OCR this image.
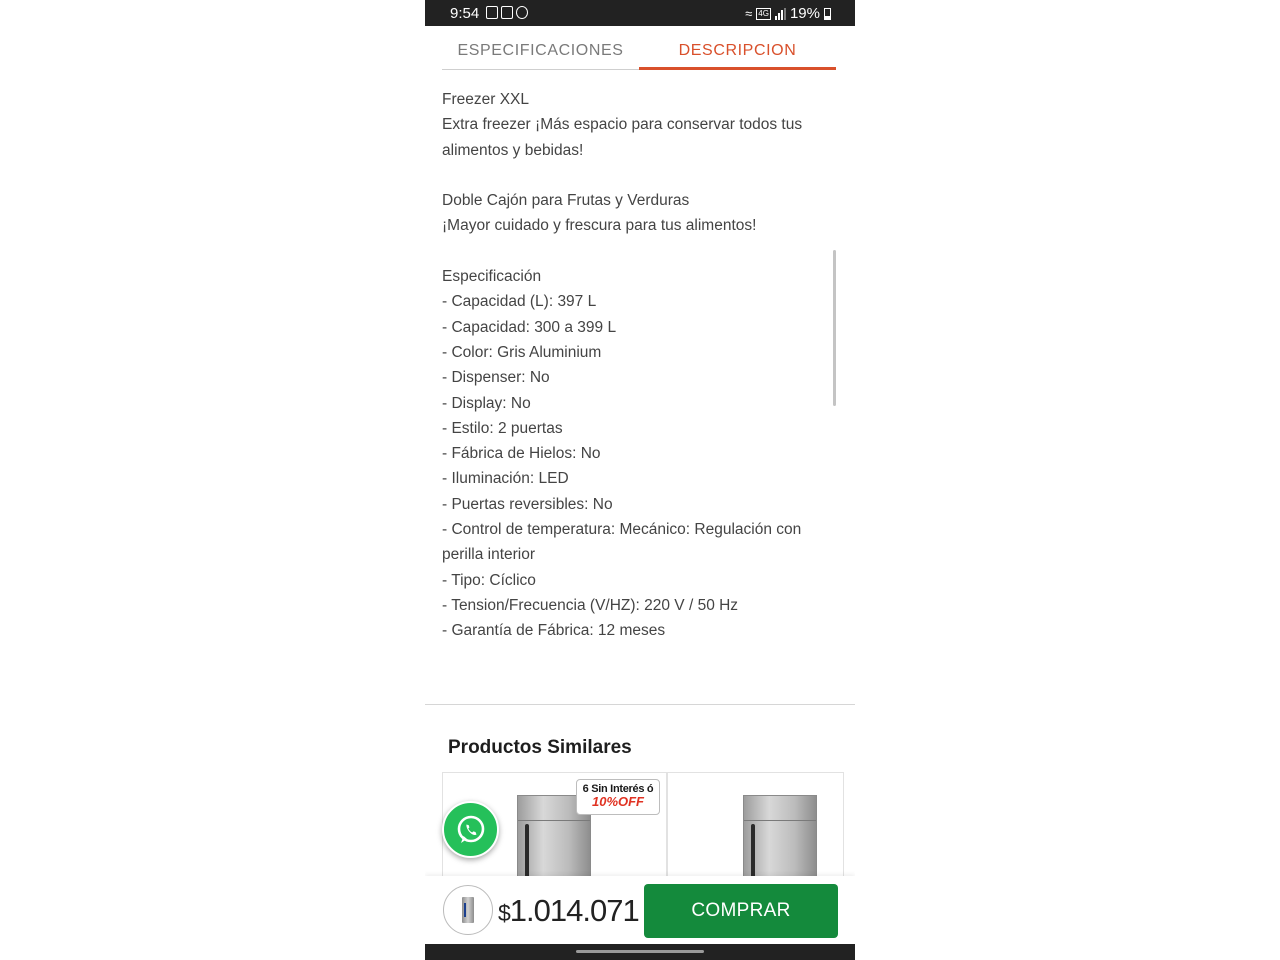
9:54	≈ 4G 19%
ESPECIFICACIONES	DESCRIPCION

Freezer XXL

Extra freezer ¡Más espacio para conservar todos tus alimentos y bebidas!

Doble Cajón para Frutas y Verduras

¡Mayor cuidado y frescura para tus alimentos!

Especificación

- Capacidad (L): 397 L

- Capacidad: 300 a 399 L

- Color: Gris Aluminium

- Dispenser: No

- Display: No

- Estilo: 2 puertas

- Fábrica de Hielos: No

- Iluminación: LED

- Puertas reversibles: No

- Control de temperatura: Mecánico: Regulación con perilla interior

- Tipo: Cíclico

- Tension/Frecuencia (V/HZ): 220 V / 50 Hz

- Garantía de Fábrica: 12 meses

Productos Similares
6 Sin Interés ó
10%OFF
$1.014.071	COMPRAR
